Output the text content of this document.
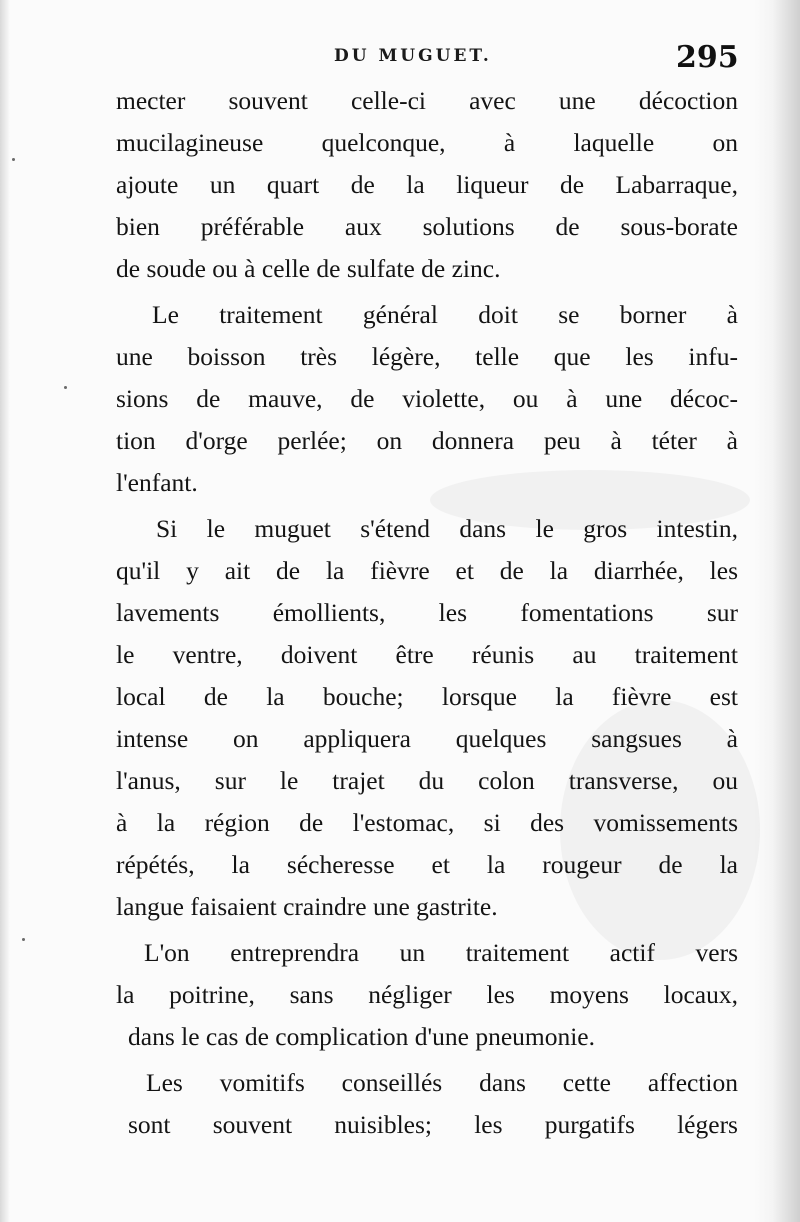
DU MUGUET.	295
mecter souvent celle-ci avec une décoction
mucilagineuse quelconque, à laquelle on
ajoute un quart de la liqueur de Labarraque,
bien préférable aux solutions de sous-borate
de soude ou à celle de sulfate de zinc.
Le traitement général doit se borner à
une boisson très légère, telle que les infu-
sions de mauve, de violette, ou à une décoc-
tion d'orge perlée; on donnera peu à téter à
l'enfant.
Si le muguet s'étend dans le gros intestin,
qu'il y ait de la fièvre et de la diarrhée, les
lavements émollients, les fomentations sur
le ventre, doivent être réunis au traitement
local de la bouche; lorsque la fièvre est
intense on appliquera quelques sangsues à
l'anus, sur le trajet du colon transverse, ou
à la région de l'estomac, si des vomissements
répétés, la sécheresse et la rougeur de la
langue faisaient craindre une gastrite.
L'on entreprendra un traitement actif vers
la poitrine, sans négliger les moyens locaux,
dans le cas de complication d'une pneumonie.
Les vomitifs conseillés dans cette affection
sont souvent nuisibles; les purgatifs légers
